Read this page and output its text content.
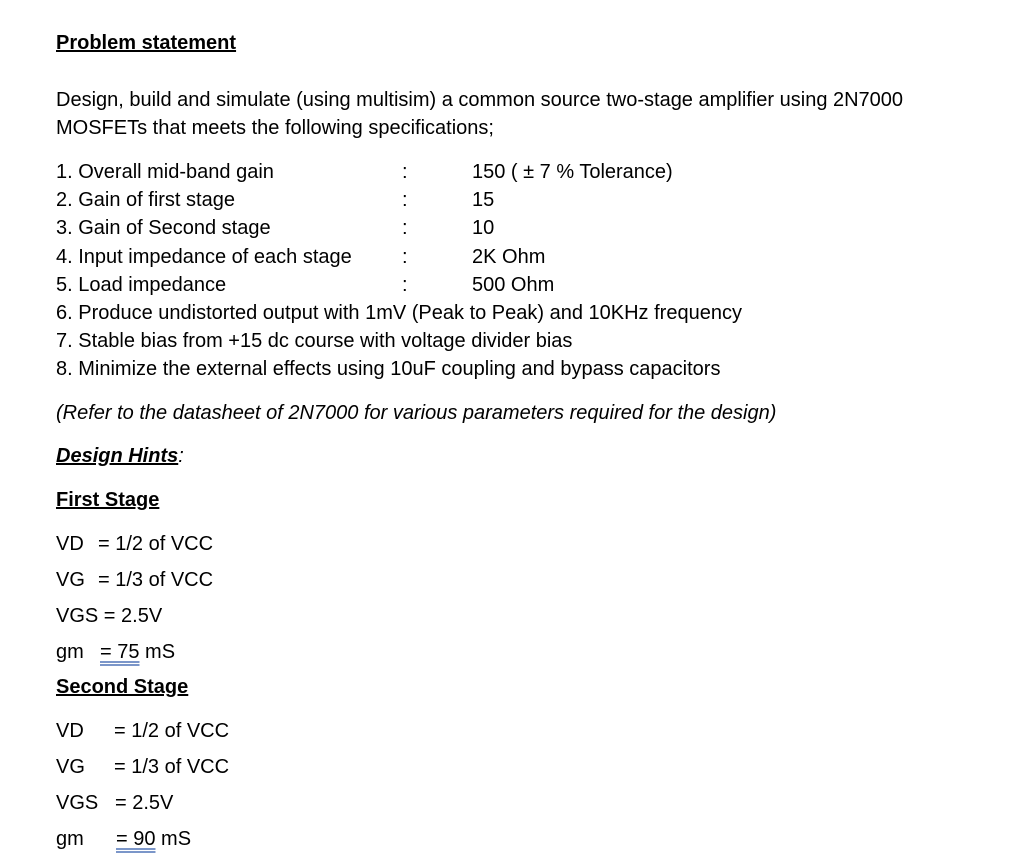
Problem statement
Design, build and simulate (using multisim) a common source two-stage amplifier using 2N7000
MOSFETs that meets the following specifications;
1. Overall mid-band gain	:	150 ( ± 7 % Tolerance)
2. Gain of first stage	:	15
3. Gain of Second stage	:	10
4. Input impedance of each stage	:	2K Ohm
5. Load impedance	:	500 Ohm
6. Produce undistorted output with 1mV (Peak to Peak) and 10KHz frequency
7. Stable bias from +15 dc course with voltage divider bias
8. Minimize the external effects using 10uF coupling and bypass capacitors
(Refer to the datasheet of 2N7000 for various parameters required for the design)
Design Hints:
First Stage
VD = 1/2 of VCC
VG = 1/3 of VCC
VGS = 2.5V
gm = 75 mS
Second Stage
VD = 1/2 of VCC
VG = 1/3 of VCC
VGS = 2.5V
gm = 90 mS
